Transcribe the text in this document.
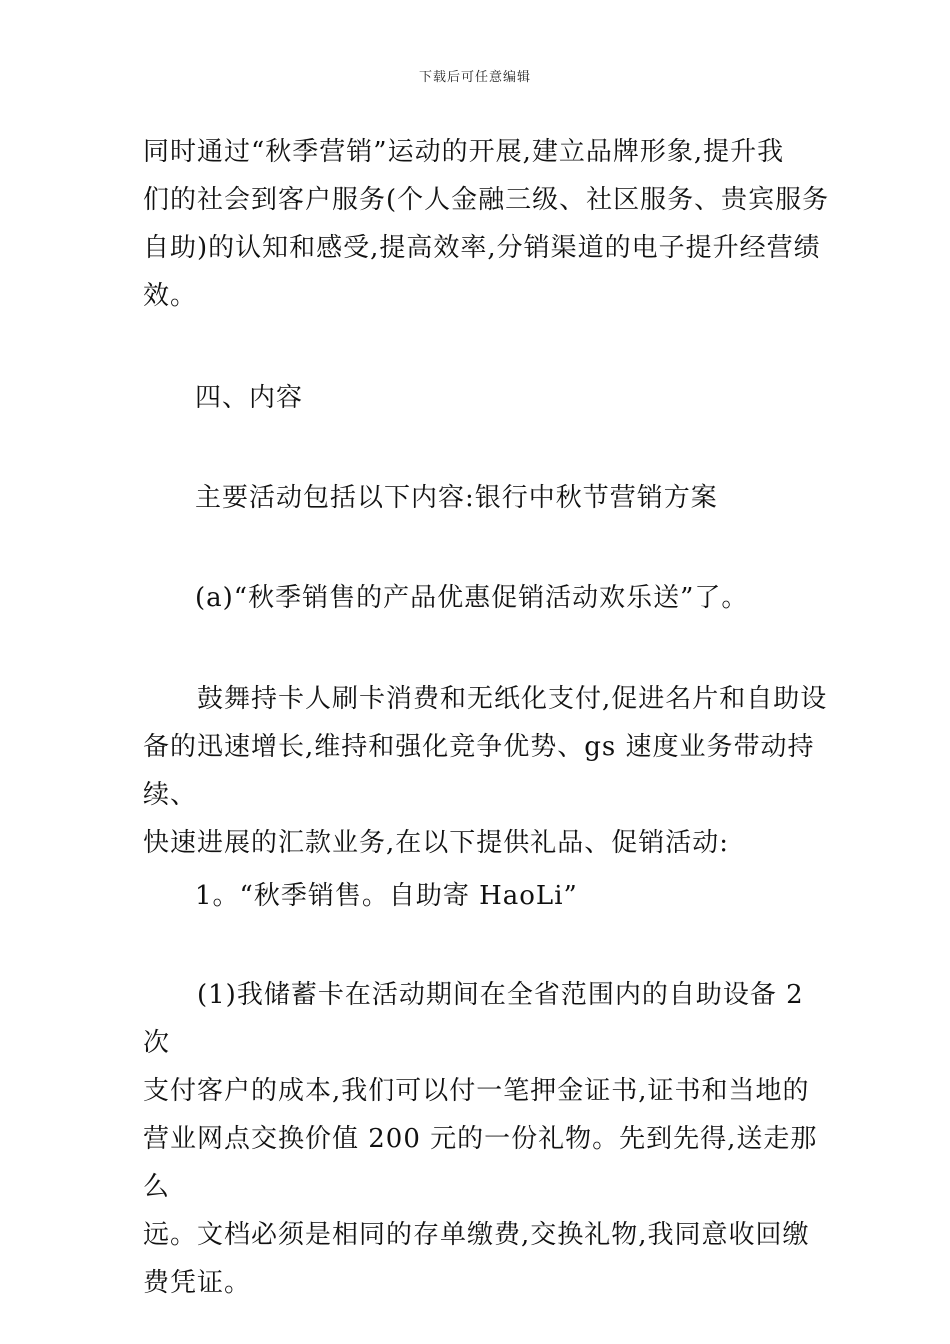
下载后可任意编辑

同时通过“秋季营销”运动的开展,建立品牌形象,提升我
们的社会到客户服务(个人金融三级、社区服务、贵宾服务
自助)的认知和感受,提高效率,分销渠道的电子提升经营绩
效。

四、内容

主要活动包括以下内容:银行中秋节营销方案

(a)“秋季销售的产品优惠促销活动欢乐送”了。

　　鼓舞持卡人刷卡消费和无纸化支付,促进名片和自助设
备的迅速增长,维持和强化竞争优势、gs 速度业务带动持续、
快速进展的汇款业务,在以下提供礼品、促销活动:

1。“秋季销售。自助寄 HaoLi”

　　(1)我储蓄卡在活动期间在全省范围内的自助设备 2 次
支付客户的成本,我们可以付一笔押金证书,证书和当地的
营业网点交换价值 200 元的一份礼物。先到先得,送走那么
远。文档必须是相同的存单缴费,交换礼物,我同意收回缴
费凭证。
